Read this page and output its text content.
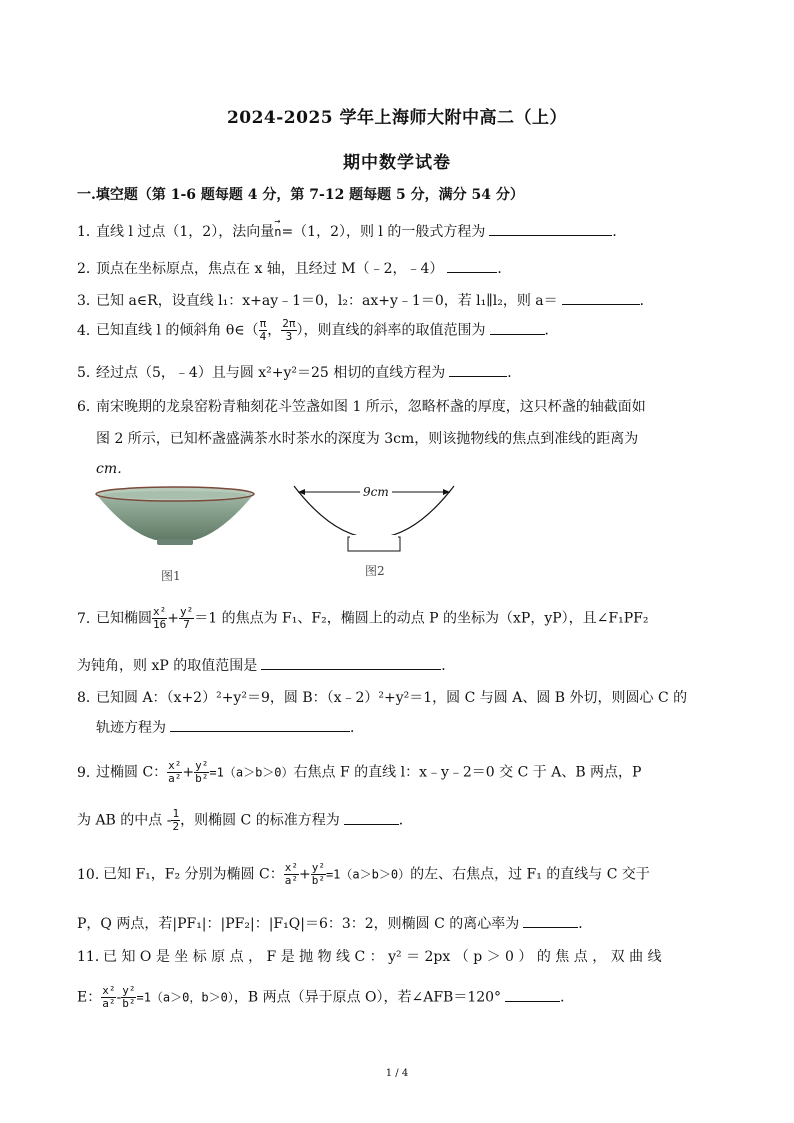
2024-2025 学年上海师大附中高二（上）
期中数学试卷
一.填空题（第 1-6 题每题 4 分，第 7-12 题每题 5 分，满分 54 分）
1．直线 l 过点（1，2），法向量→ n=（1，2），则 l 的一般式方程为	．
2．顶点在坐标原点，焦点在 x 轴，且经过 M（﹣2，﹣4）	．
3．已知 a∈R，设直线 l₁：x+ay﹣1＝0，l₂：ax+y﹣1＝0，若 l₁∥l₂，则 a＝	．
4．已知直线 l 的倾斜角 θ∈（ $\frac{\pi}{4}$ ， $\frac{2\pi}{3}$ ），则直线的斜率的取值范围为	．
5．经过点（5，﹣4）且与圆 x²+y²＝25 相切的直线方程为	．
6．南宋晚期的龙泉窑粉青釉刻花斗笠盏如图 1 所示，忽略杯盏的厚度，这只杯盏的轴截面如
图 2 所示，已知杯盏盛满茶水时茶水的深度为 3cm，则该抛物线的焦点到准线的距离为
cm．
图1
9cm
图2
7．已知椭圆 $\frac{\text{x²}}{16} + \frac{\text{y²}}{7} =1$ 的焦点为 F₁、F₂，椭圆上的动点 P 的坐标为（xP，yP），且∠F₁PF₂
为钝角，则 xP 的取值范围是	．
8．已知圆 A：（x+2）²+y²＝9，圆 B：（x﹣2）²+y²＝1，圆 C 与圆 A、圆 B 外切，则圆心 C 的
轨迹方程为	．
9．过椭圆 C： $\frac{\text{x²}}{\text{a²}} + \frac{\text{y²}}{\text{b²}} =1(a>b>0)$右焦点 F 的直线 l：x﹣y﹣2＝0 交 C 于 A、B 两点，P
为 AB 的中点 - $\frac{1}{2}$ ，则椭圆 C 的标准方程为	．
10．已知 F₁，F₂ 分别为椭圆 C： $\frac{\text{x²}}{\text{a²}} + \frac{\text{y²}}{\text{b²}} =1(a>b>0)$的左、右焦点，过 F₁ 的直线与 C 交于
P，Q 两点，若|PF₁|：|PF₂|：|F₁Q|＝6：3：2，则椭圆 C 的离心率为	．
11．已 知 O 是 坐 标 原 点 ， F 是 抛 物 线 C ： y² ＝ 2px （ p ＞ 0 ） 的 焦 点 ， 双 曲 线
E： $\frac{\text{x²}}{\text{a²}} - \frac{\text{y²}}{\text{b²}} =1(a>0$，b＞0），B 两点（异于原点 O），若∠AFB＝120°	．
1 / 4
